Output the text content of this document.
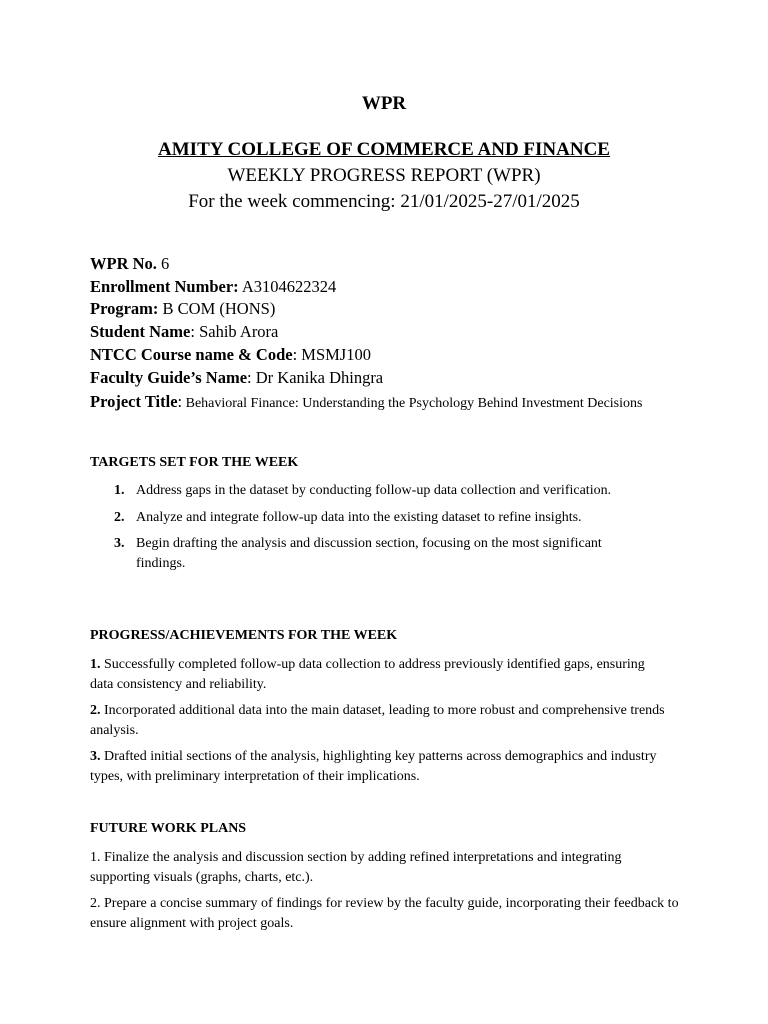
WPR
AMITY COLLEGE OF COMMERCE AND FINANCE
WEEKLY PROGRESS REPORT (WPR)
For the week commencing: 21/01/2025-27/01/2025
WPR No. 6
Enrollment Number: A3104622324
Program: B COM (HONS)
Student Name: Sahib Arora
NTCC Course name & Code: MSMJ100
Faculty Guide’s Name: Dr Kanika Dhingra
Project Title: Behavioral Finance: Understanding the Psychology Behind Investment Decisions
TARGETS SET FOR THE WEEK
1. Address gaps in the dataset by conducting follow-up data collection and verification.
2. Analyze and integrate follow-up data into the existing dataset to refine insights.
3. Begin drafting the analysis and discussion section, focusing on the most significant findings.
PROGRESS/ACHIEVEMENTS FOR THE WEEK
1. Successfully completed follow-up data collection to address previously identified gaps, ensuring data consistency and reliability.
2. Incorporated additional data into the main dataset, leading to more robust and comprehensive trends analysis.
3. Drafted initial sections of the analysis, highlighting key patterns across demographics and industry types, with preliminary interpretation of their implications.
FUTURE WORK PLANS
1. Finalize the analysis and discussion section by adding refined interpretations and integrating supporting visuals (graphs, charts, etc.).
2. Prepare a concise summary of findings for review by the faculty guide, incorporating their feedback to ensure alignment with project goals.
